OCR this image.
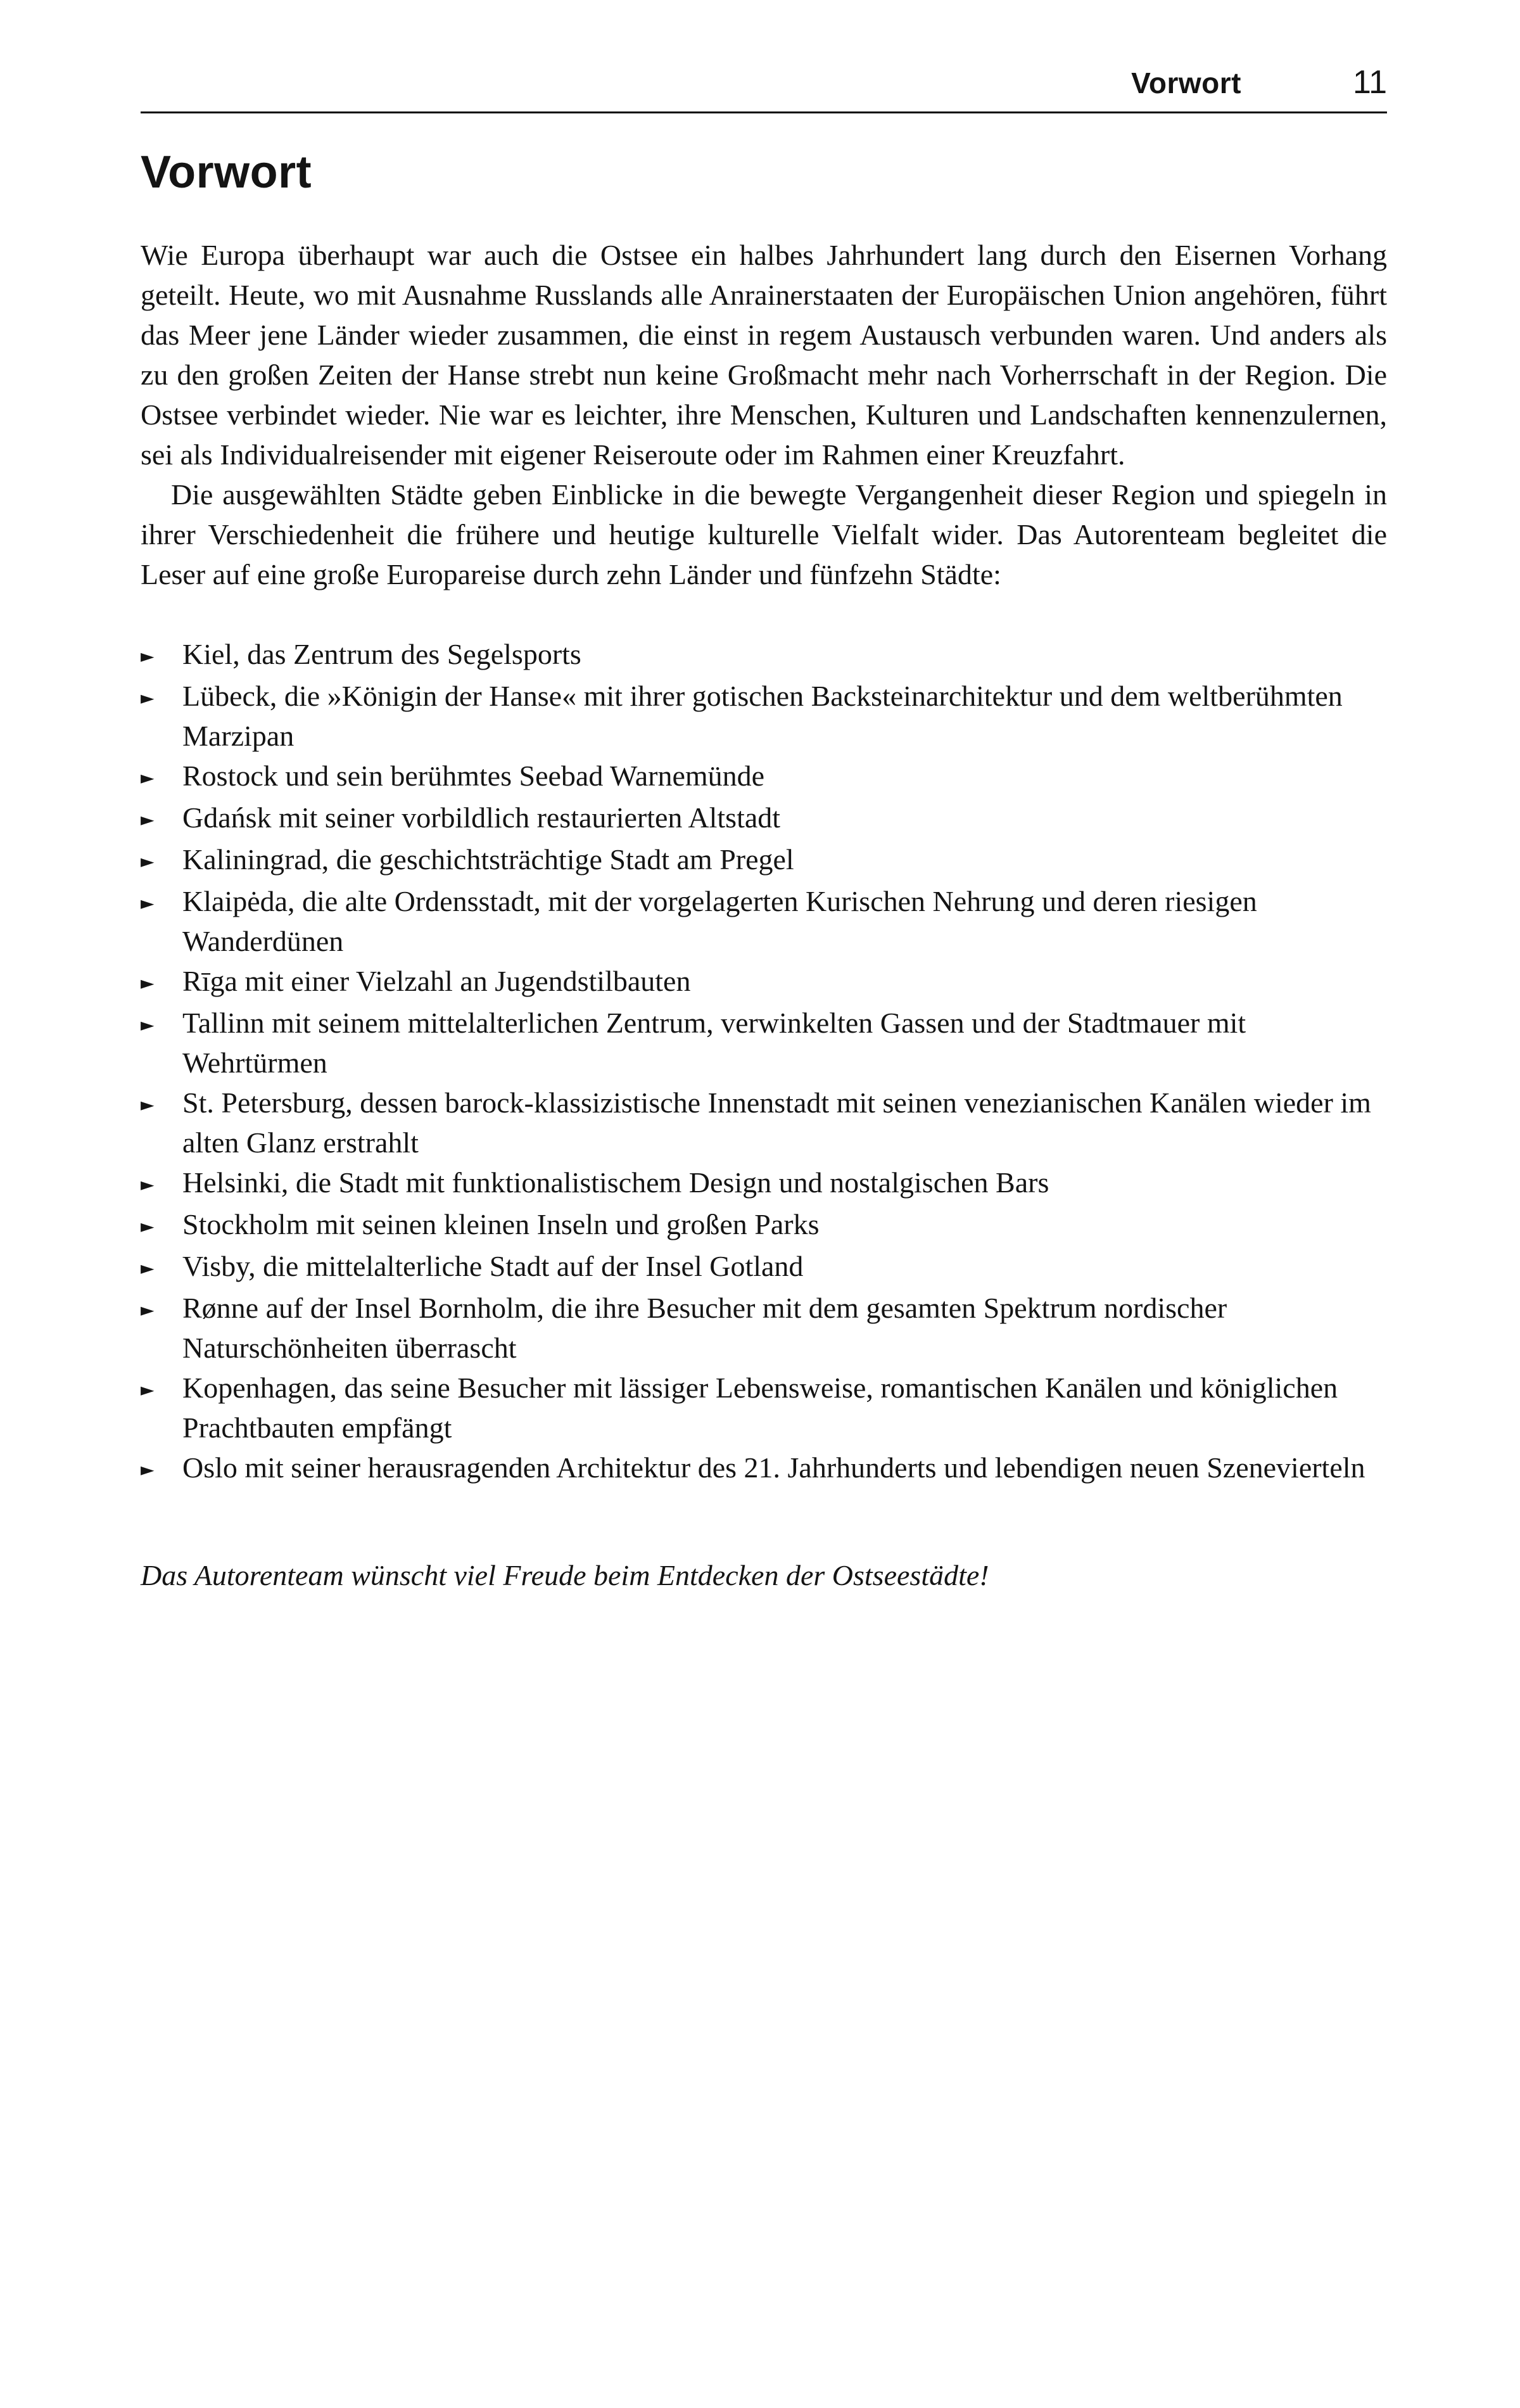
Vorwort	11
Vorwort

Wie Europa überhaupt war auch die Ostsee ein halbes Jahrhundert lang durch den Eisernen Vorhang geteilt. Heute, wo mit Ausnahme Russlands alle Anrainerstaaten der Europäischen Union angehören, führt das Meer jene Länder wieder zusammen, die einst in regem Austausch verbunden waren. Und anders als zu den großen Zeiten der Hanse strebt nun keine Großmacht mehr nach Vorherrschaft in der Region. Die Ostsee verbindet wieder. Nie war es leichter, ihre Menschen, Kulturen und Landschaften kennenzulernen, sei als Individualreisender mit eigener Reiseroute oder im Rahmen einer Kreuzfahrt.

Die ausgewählten Städte geben Einblicke in die bewegte Vergangenheit dieser Region und spiegeln in ihrer Verschiedenheit die frühere und heutige kulturelle Vielfalt wider. Das Autorenteam begleitet die Leser auf eine große Europareise durch zehn Länder und fünfzehn Städte:

► Kiel, das Zentrum des Segelsports
► Lübeck, die »Königin der Hanse« mit ihrer gotischen Backsteinarchitektur und dem weltberühmten Marzipan
► Rostock und sein berühmtes Seebad Warnemünde
► Gdańsk mit seiner vorbildlich restaurierten Altstadt
► Kaliningrad, die geschichtsträchtige Stadt am Pregel
► Klaipėda, die alte Ordensstadt, mit der vorgelagerten Kurischen Nehrung und deren riesigen Wanderdünen
► Rīga mit einer Vielzahl an Jugendstilbauten
► Tallinn mit seinem mittelalterlichen Zentrum, verwinkelten Gassen und der Stadtmauer mit Wehrtürmen
► St. Petersburg, dessen barock-klassizistische Innenstadt mit seinen venezianischen Kanälen wieder im alten Glanz erstrahlt
► Helsinki, die Stadt mit funktionalistischem Design und nostalgischen Bars
► Stockholm mit seinen kleinen Inseln und großen Parks
► Visby, die mittelalterliche Stadt auf der Insel Gotland
► Rønne auf der Insel Bornholm, die ihre Besucher mit dem gesamten Spektrum nordischer Naturschönheiten überrascht
► Kopenhagen, das seine Besucher mit lässiger Lebensweise, romantischen Kanälen und königlichen Prachtbauten empfängt
► Oslo mit seiner herausragenden Architektur des 21. Jahrhunderts und lebendigen neuen Szenevierteln

Das Autorenteam wünscht viel Freude beim Entdecken der Ostseestädte!
